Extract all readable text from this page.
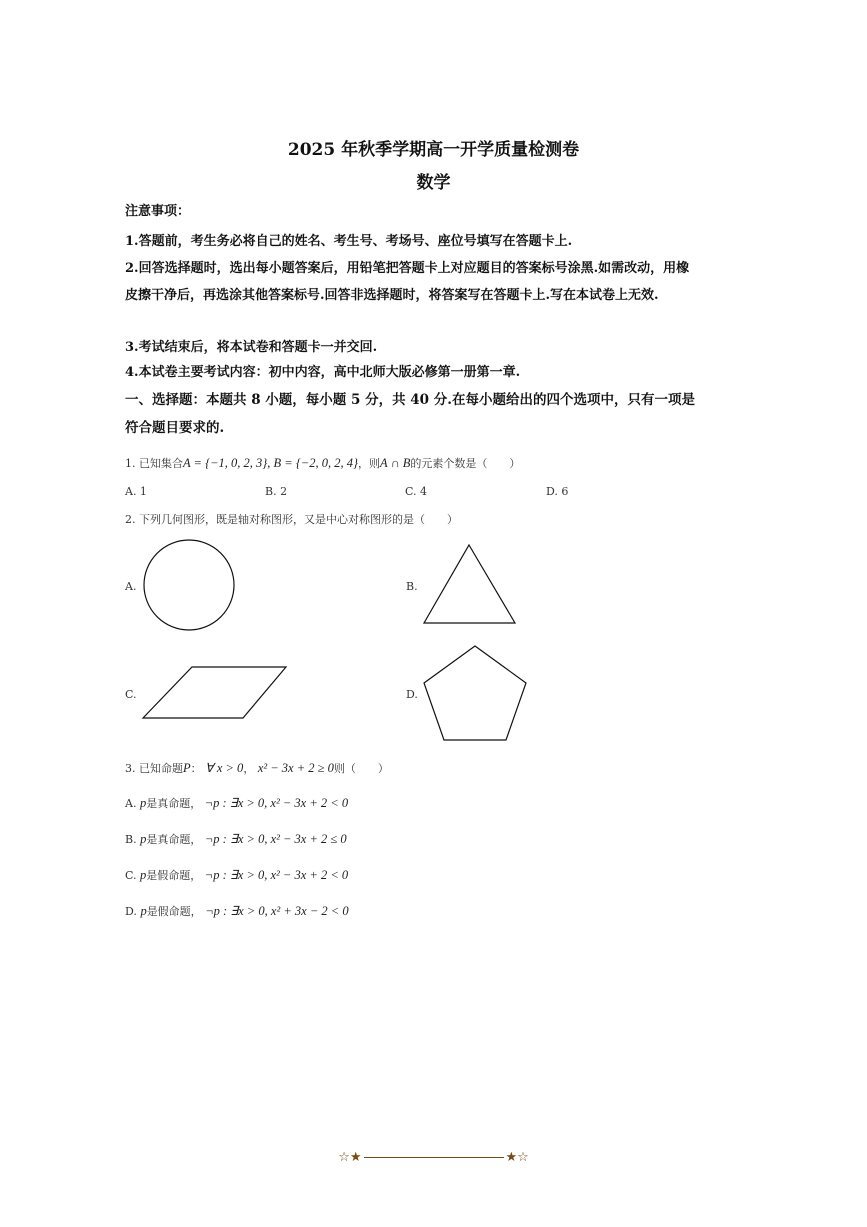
2025 年秋季学期高一开学质量检测卷
数学
注意事项：
1.答题前，考生务必将自己的姓名、考生号、考场号、座位号填写在答题卡上.
2.回答选择题时，选出每小题答案后，用铅笔把答题卡上对应题目的答案标号涂黑.如需改动，用橡皮擦干净后，再选涂其他答案标号.回答非选择题时，将答案写在答题卡上.写在本试卷上无效.
3.考试结束后，将本试卷和答题卡一并交回.
4.本试卷主要考试内容：初中内容，高中北师大版必修第一册第一章.
一、选择题：本题共 8 小题，每小题 5 分，共 40 分.在每小题给出的四个选项中，只有一项是符合题目要求的.
1. 已知集合A = {−1, 0, 2, 3}, B = {−2, 0, 2, 4}，则A ∩ B的元素个数是（　　）
A. 1	B. 2	C. 4	D. 6
2. 下列几何图形，既是轴对称图形，又是中心对称图形的是（　　）
A.	B.
C.	D.
3. 已知命题P： ∀ x > 0， x² − 3x + 2 ≥ 0则（　　）
A. p是真命题， ¬p : ∃x > 0, x² − 3x + 2 < 0
B. p是真命题， ¬p : ∃x > 0, x² − 3x + 2 ≤ 0
C. p是假命题， ¬p : ∃x > 0, x² − 3x + 2 < 0
D. p是假命题， ¬p : ∃x > 0, x² + 3x − 2 < 0
☆★	★☆
